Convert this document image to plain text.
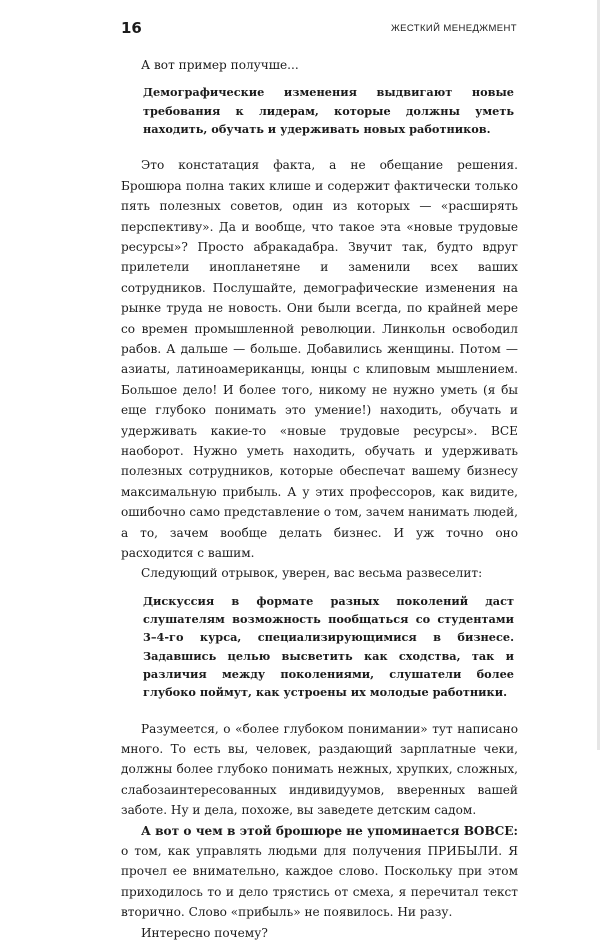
16	ЖЕСТКИЙ МЕНЕДЖМЕНТ

А вот пример получше...

Демографические изменения выдвигают новые требования к лидерам, которые должны уметь находить, обучать и удерживать новых работников.

Это констатация факта, а не обещание решения. Брошюра полна таких клише и содержит фактически только пять полезных советов, один из которых — «расширять перспективу». Да и вообще, что такое эта «новые трудовые ресурсы»? Просто абракадабра. Звучит так, будто вдруг прилетели инопланетяне и заменили всех ваших сотрудников. Послушайте, демографические изменения на рынке труда не новость. Они были всегда, по крайней мере со времен промышленной революции. Линкольн освободил рабов. А дальше — больше. Добавились женщины. Потом — азиаты, латиноамериканцы, юнцы с клиповым мышлением. Большое дело! И более того, никому не нужно уметь (я бы еще глубоко понимать это умение!) находить, обучать и удерживать какие-то «новые трудовые ресурсы». ВСЕ наоборот. Нужно уметь находить, обучать и удерживать полезных сотрудников, которые обеспечат вашему бизнесу максимальную прибыль. А у этих профессоров, как видите, ошибочно само представление о том, зачем нанимать людей, а то, зачем вообще делать бизнес. И уж точно оно расходится с вашим.

Следующий отрывок, уверен, вас весьма развеселит:

Дискуссия в формате разных поколений даст слушателям возможность пообщаться со студентами 3–4-го курса, специализирующимися в бизнесе. Задавшись целью высветить как сходства, так и различия между поколениями, слушатели более глубоко поймут, как устроены их молодые работники.

Разумеется, о «более глубоком понимании» тут написано много. То есть вы, человек, раздающий зарплатные чеки, должны более глубоко понимать нежных, хрупких, сложных, слабозаинтересованных индивидуумов, вверенных вашей заботе. Ну и дела, похоже, вы заведете детским садом.

А вот о чем в этой брошюре не упоминается ВОВСЕ: о том, как управлять людьми для получения ПРИБЫЛИ. Я прочел ее внимательно, каждое слово. Поскольку при этом приходилось то и дело трястись от смеха, я перечитал текст вторично. Слово «прибыль» не появилось. Ни разу.

Интересно почему?
